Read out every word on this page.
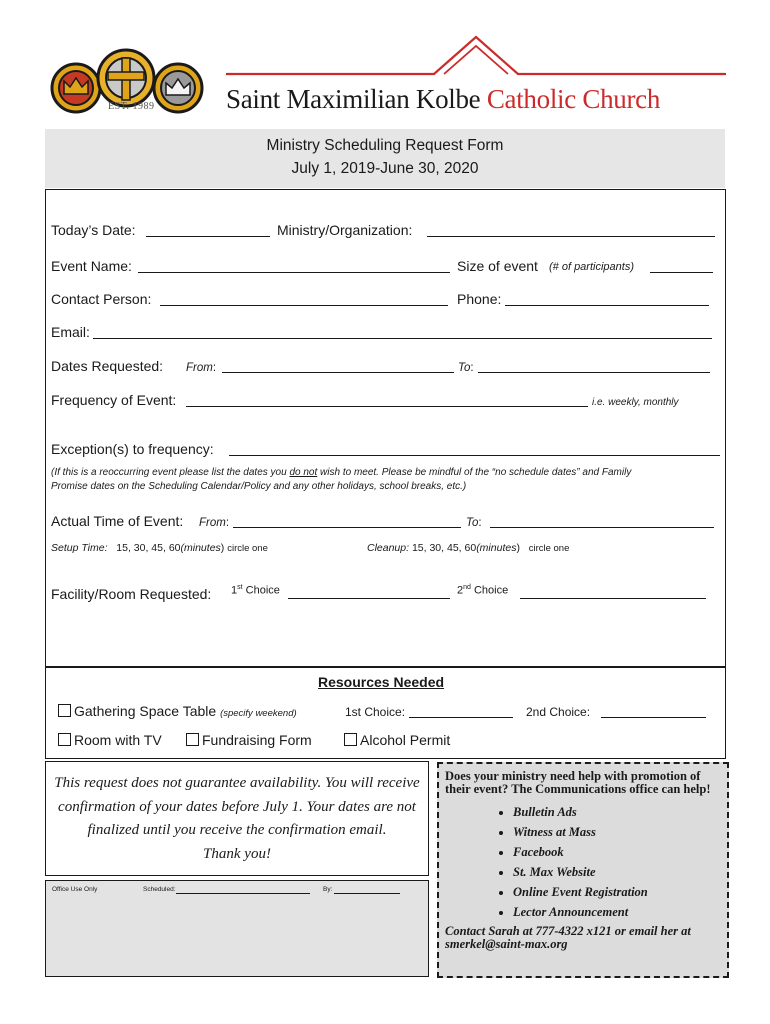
EST. 1989	Saint Maximilian Kolbe Catholic Church
Ministry Scheduling Request Form
July 1, 2019-June 30, 2020
Today’s Date:	Ministry/Organization:
Event Name:	Size of event (# of participants)
Contact Person:	Phone:
Email:
Dates Requested: From:	To:
Frequency of Event:	i.e. weekly, monthly
Exception(s) to frequency:
(If this is a reoccurring event please list the dates you do not wish to meet. Please be mindful of the “no schedule dates” and Family
Promise dates on the Scheduling Calendar/Policy and any other holidays, school breaks, etc.)
Actual Time of Event: From:	To:
Setup Time: 15, 30, 45, 60(minutes) circle one	Cleanup: 15, 30, 45, 60(minutes) circle one
Facility/Room Requested: 1st Choice	2nd Choice
Resources Needed
Gathering Space Table (specify weekend)	1st Choice:	2nd Choice:
Room with TV	Fundraising Form	Alcohol Permit
This request does not guarantee availability. You will receive
confirmation of your dates before July 1. Your dates are not
finalized until you receive the confirmation email.
Thank you!
Office Use Only	Scheduled:	By:
Does your ministry need help with promotion of their event? The Communications office can help!
• Bulletin Ads
• Witness at Mass
• Facebook
• St. Max Website
• Online Event Registration
• Lector Announcement
Contact Sarah at 777-4322 x121 or email her at smerkel@saint-max.org
